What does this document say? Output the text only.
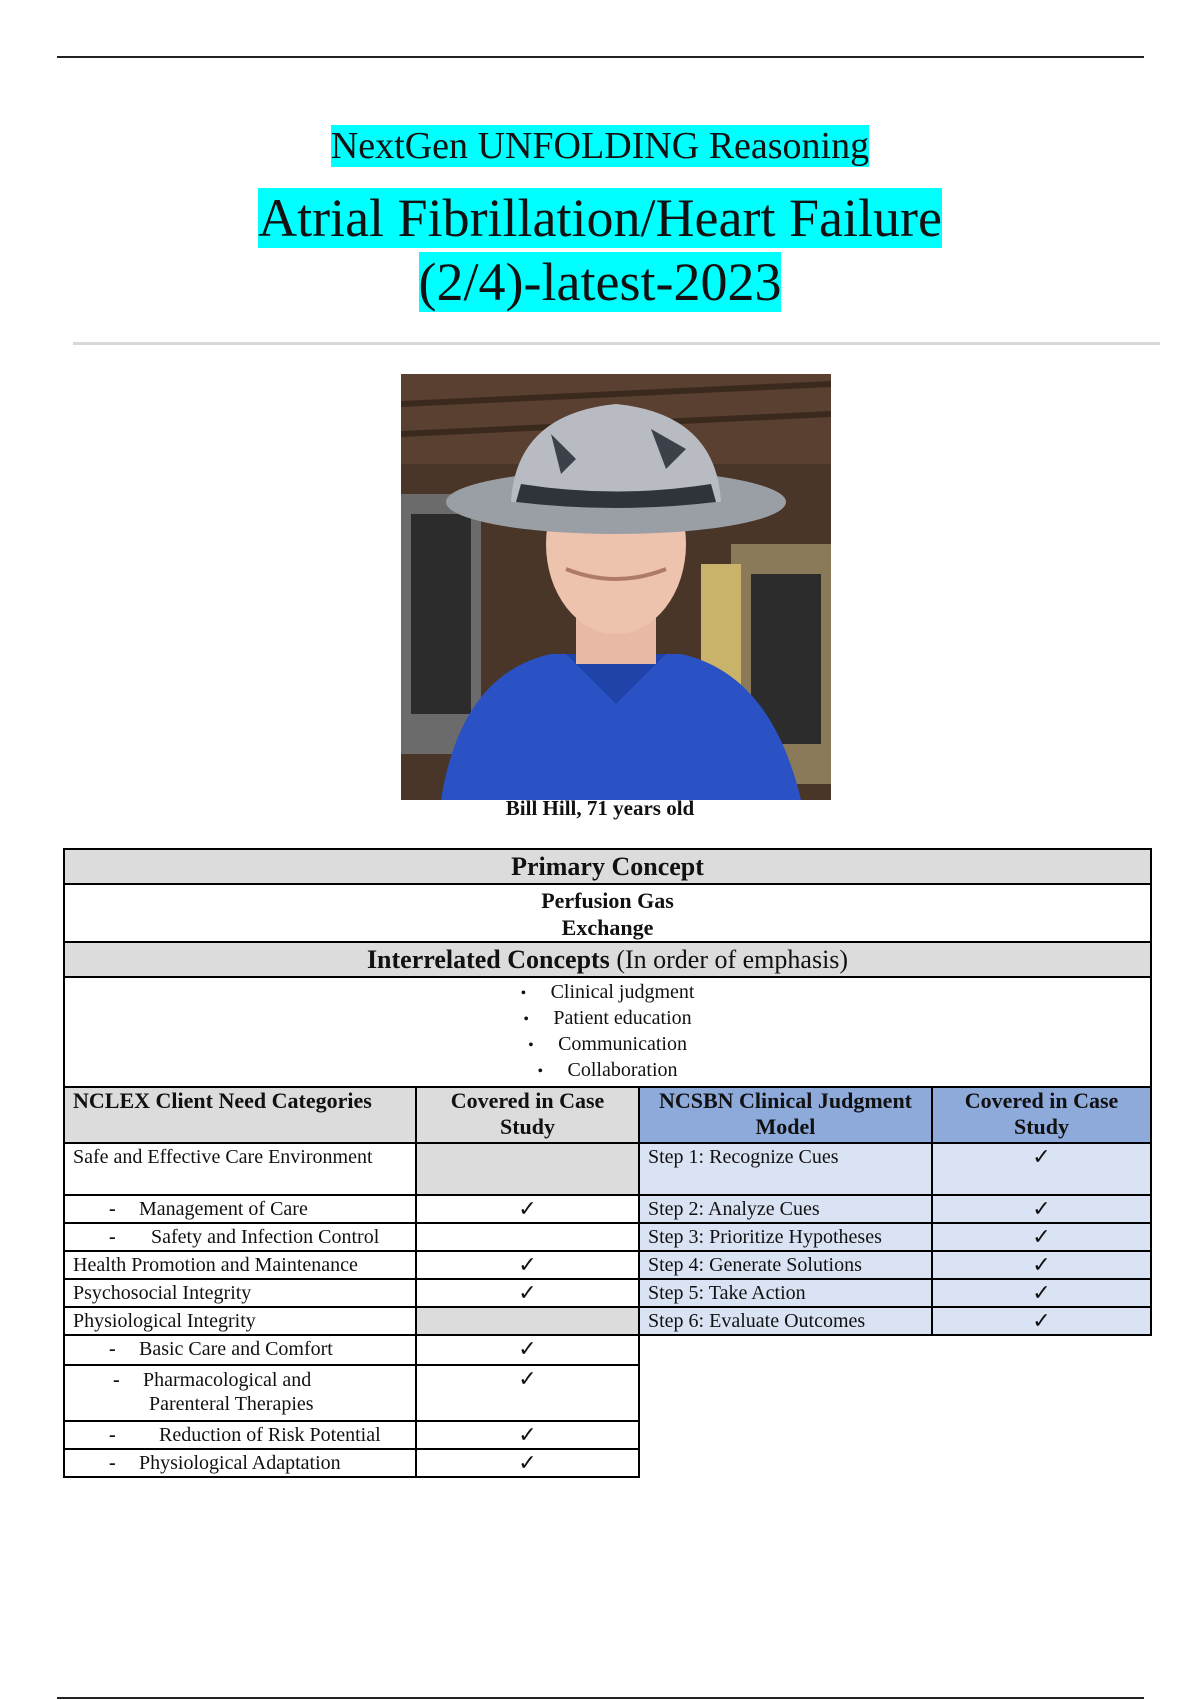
NextGen UNFOLDING Reasoning
Atrial Fibrillation/Heart Failure
(2/4)-latest-2023
Bill Hill, 71 years old
Primary Concept			

Perfusion Gas
Exchange			

Interrelated Concepts (In order of emphasis)			

• Clinical judgment
• Patient education
• Communication
• Collaboration			

NCLEX Client Need Categories	Covered in Case Study	NCSBN Clinical Judgment Model	Covered in Case Study
Safe and Effective Care Environment		Step 1: Recognize Cues	✓
- Management of Care	✓	Step 2: Analyze Cues	✓
- Safety and Infection Control		Step 3: Prioritize Hypotheses	✓
Health Promotion and Maintenance	✓	Step 4: Generate Solutions	✓
Psychosocial Integrity	✓	Step 5: Take Action	✓
Physiological Integrity		Step 6: Evaluate Outcomes	✓
- Basic Care and Comfort	✓		

- Pharmacological and
Parenteral Therapies	✓		
- Reduction of Risk Potential	✓		
- Physiological Adaptation	✓		
